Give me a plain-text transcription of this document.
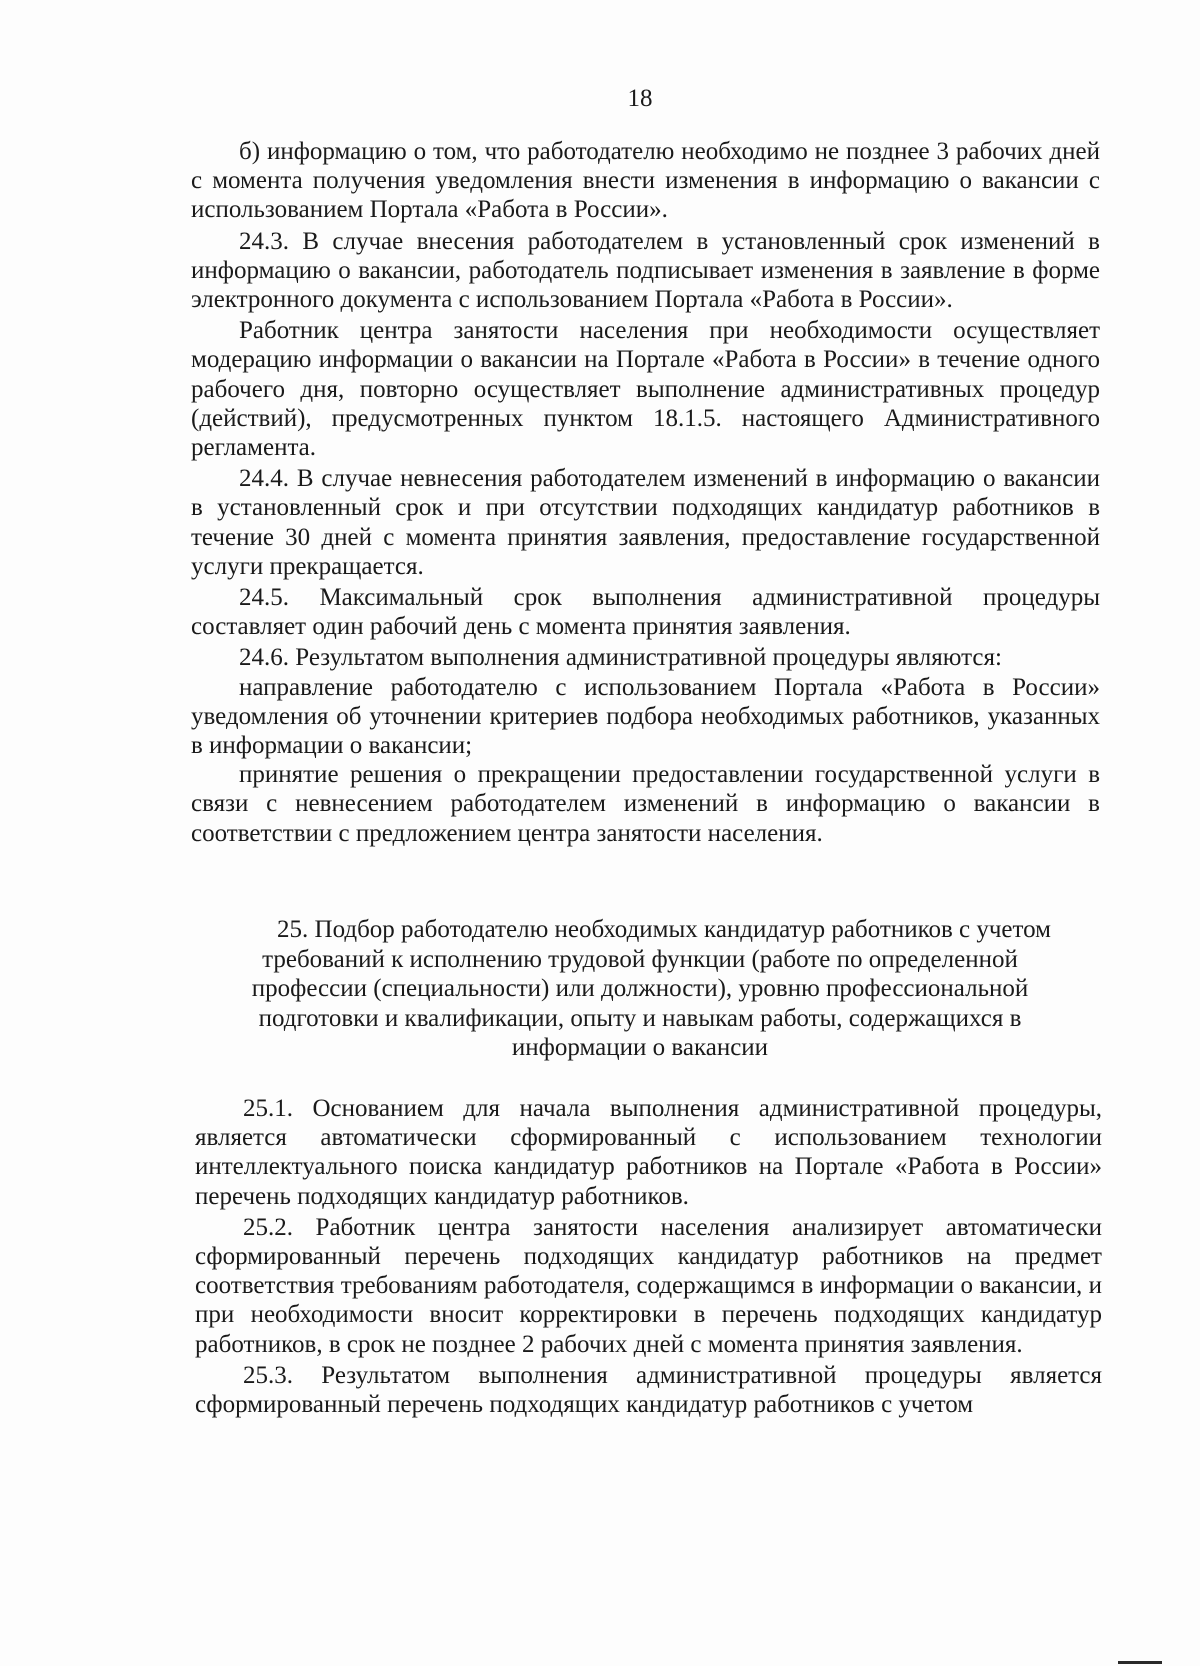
18

б) информацию о том, что работодателю необходимо не позднее 3 рабочих дней с момента получения уведомления внести изменения в информацию о вакансии с использованием Портала «Работа в России».

24.3. В случае внесения работодателем в установленный срок изменений в информацию о вакансии, работодатель подписывает изменения в заявление в форме электронного документа с использованием Портала «Работа в России».

Работник центра занятости населения при необходимости осуществляет модерацию информации о вакансии на Портале «Работа в России» в течение одного рабочего дня, повторно осуществляет выполнение административных процедур (действий), предусмотренных пунктом 18.1.5. настоящего Административного регламента.

24.4. В случае невнесения работодателем изменений в информацию о вакансии в установленный срок и при отсутствии подходящих кандидатур работников в течение 30 дней с момента принятия заявления, предоставление государственной услуги прекращается.

24.5. Максимальный срок выполнения административной процедуры составляет один рабочий день с момента принятия заявления.

24.6. Результатом выполнения административной процедуры являются:

направление работодателю с использованием Портала «Работа в России» уведомления об уточнении критериев подбора необходимых работников, указанных в информации о вакансии;

принятие решения о прекращении предоставлении государственной услуги в связи с невнесением работодателем изменений в информацию о вакансии в соответствии с предложением центра занятости населения.

25. Подбор работодателю необходимых кандидатур работников с учетом требований к исполнению трудовой функции (работе по определенной профессии (специальности) или должности), уровню профессиональной подготовки и квалификации, опыту и навыкам работы, содержащихся в информации о вакансии

25.1. Основанием для начала выполнения административной процедуры, является автоматически сформированный с использованием технологии интеллектуального поиска кандидатур работников на Портале «Работа в России» перечень подходящих кандидатур работников.

25.2. Работник центра занятости населения анализирует автоматически сформированный перечень подходящих кандидатур работников на предмет соответствия требованиям работодателя, содержащимся в информации о вакансии, и при необходимости вносит корректировки в перечень подходящих кандидатур работников, в срок не позднее 2 рабочих дней с момента принятия заявления.

25.3. Результатом выполнения административной процедуры является сформированный перечень подходящих кандидатур работников с учетом
